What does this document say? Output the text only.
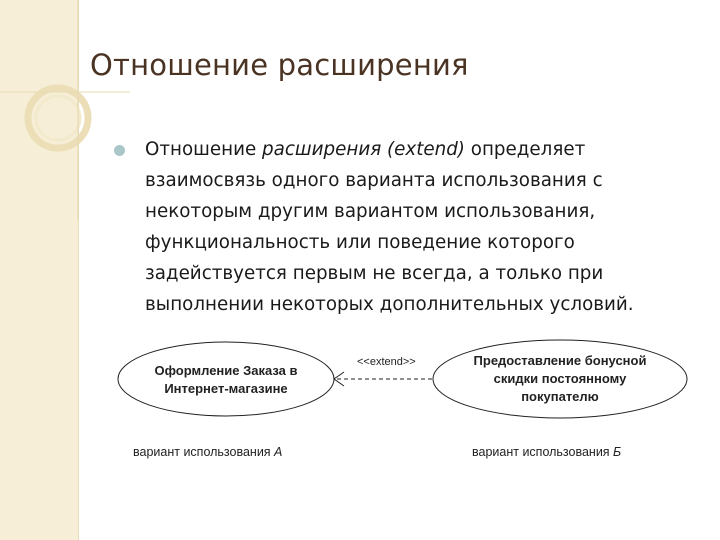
Отношение расширения
Отношение расширения (extend) определяет взаимосвязь одного варианта использования с некоторым другим вариантом использования, функциональность или поведение которого задействуется первым не всегда, а только при выполнении некоторых дополнительных условий.
Оформление Заказа в
Интернет-магазине
Предоставление бонусной
скидки постоянному
покупателю
<<extend>>
вариант использования А	вариант использования Б
